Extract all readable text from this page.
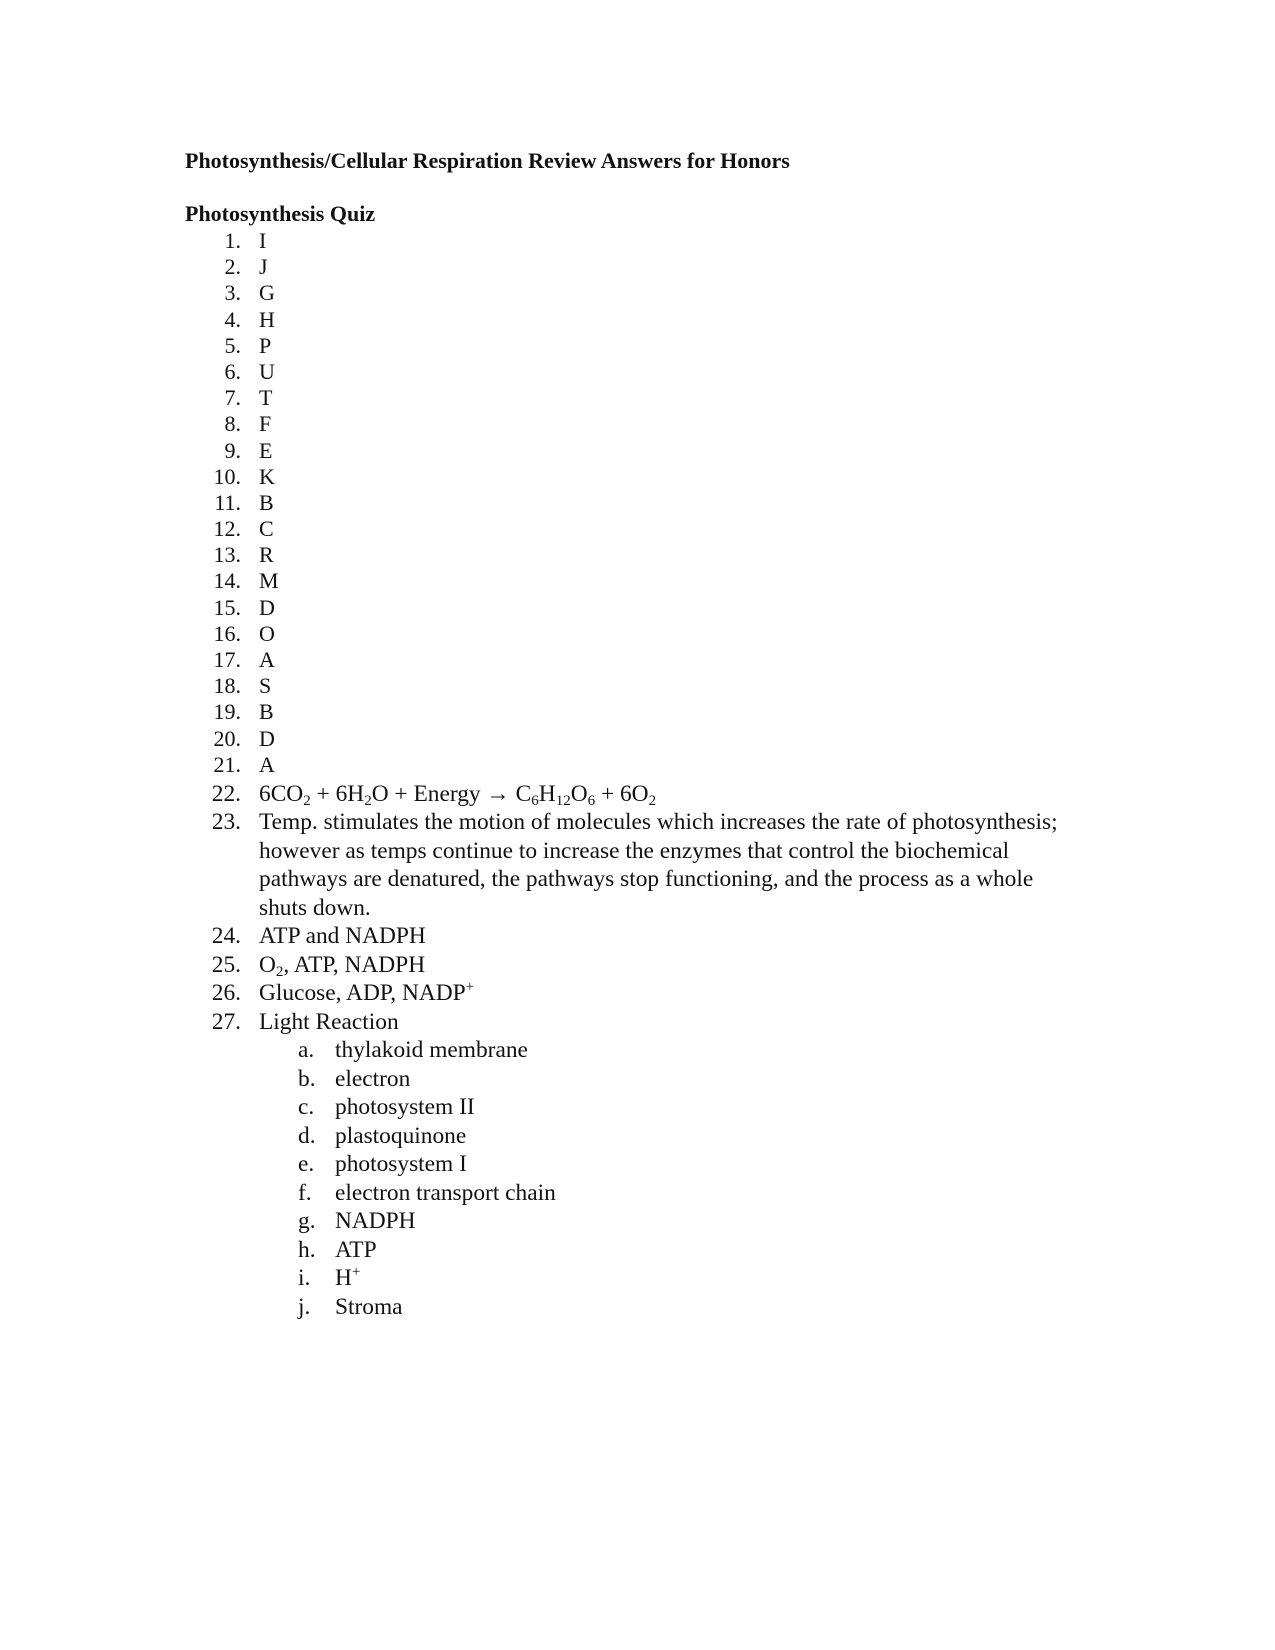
Photosynthesis/Cellular Respiration Review Answers for Honors
Photosynthesis Quiz
1. I
2. J
3. G
4. H
5. P
6. U
7. T
8. F
9. E
10. K
11. B
12. C
13. R
14. M
15. D
16. O
17. A
18. S
19. B
20. D
21. A
22. $6CO_2 + 6H_2O$ + Energy → $C_6H_{12}O_6 + 6O_2$
23. Temp. stimulates the motion of molecules which increases the rate of photosynthesis; however as temps continue to increase the enzymes that control the biochemical pathways are denatured, the pathways stop functioning, and the process as a whole shuts down.
24. ATP and NADPH
25. $O_2$, ATP, NADPH
26. Glucose, ADP, NADP+
27. Light Reaction
a. thylakoid membrane
b. electron
c. photosystem II
d. plastoquinone
e. photosystem I
f. electron transport chain
g. NADPH
h. ATP
i.	H+
j.	Stroma
